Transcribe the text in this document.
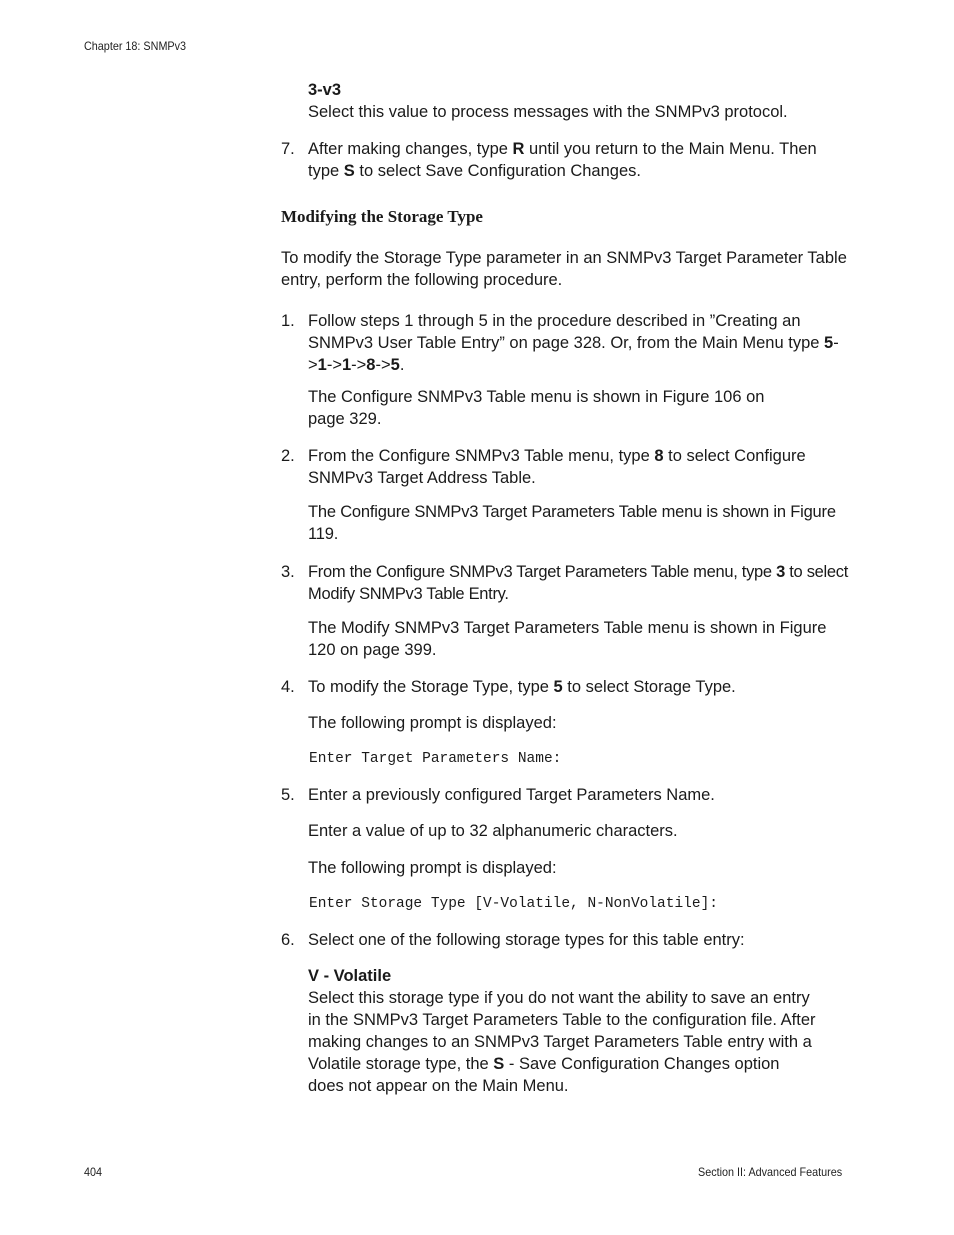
Chapter 18: SNMPv3

3-v3
Select this value to process messages with the SNMPv3 protocol.

7. After making changes, type R until you return to the Main Menu. Then type S to select Save Configuration Changes.

Modifying the Storage Type

To modify the Storage Type parameter in an SNMPv3 Target Parameter Table entry, perform the following procedure.

1. Follow steps 1 through 5 in the procedure described in ”Creating an SNMPv3 User Table Entry” on page 328. Or, from the Main Menu type 5->1->1->8->5.

The Configure SNMPv3 Table menu is shown in Figure 106 on page 329.

2. From the Configure SNMPv3 Table menu, type 8 to select Configure SNMPv3 Target Address Table.

The Configure SNMPv3 Target Parameters Table menu is shown in Figure 119.

3. From the Configure SNMPv3 Target Parameters Table menu, type 3 to select Modify SNMPv3 Table Entry.

The Modify SNMPv3 Target Parameters Table menu is shown in Figure 120 on page 399.

4. To modify the Storage Type, type 5 to select Storage Type.

The following prompt is displayed:

Enter Target Parameters Name:
5. Enter a previously configured Target Parameters Name.

Enter a value of up to 32 alphanumeric characters.

The following prompt is displayed:

Enter Storage Type [V-Volatile, N-NonVolatile]:
6. Select one of the following storage types for this table entry:

V - Volatile
Select this storage type if you do not want the ability to save an entry in the SNMPv3 Target Parameters Table to the configuration file. After making changes to an SNMPv3 Target Parameters Table entry with a Volatile storage type, the S - Save Configuration Changes option does not appear on the Main Menu.

404	Section II: Advanced Features
